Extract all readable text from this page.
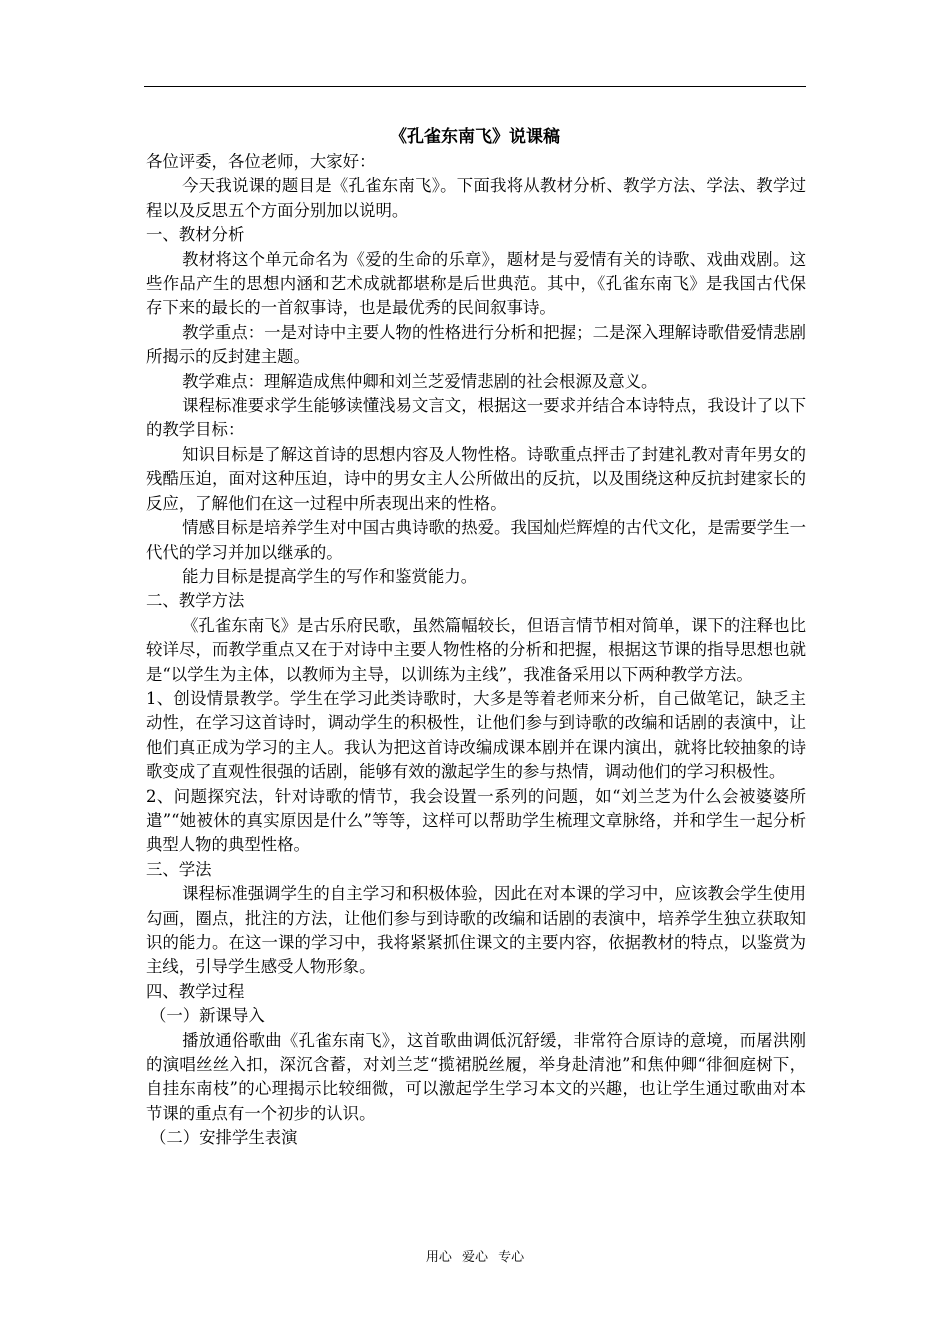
《孔雀东南飞》说课稿

各位评委，各位老师，大家好：

今天我说课的题目是《孔雀东南飞》。下面我将从教材分析、教学方法、学法、教学过程以及反思五个方面分别加以说明。

一、教材分析

教材将这个单元命名为《爱的生命的乐章》，题材是与爱情有关的诗歌、戏曲戏剧。这些作品产生的思想内涵和艺术成就都堪称是后世典范。其中，《孔雀东南飞》是我国古代保存下来的最长的一首叙事诗，也是最优秀的民间叙事诗。

教学重点：一是对诗中主要人物的性格进行分析和把握；二是深入理解诗歌借爱情悲剧所揭示的反封建主题。

教学难点：理解造成焦仲卿和刘兰芝爱情悲剧的社会根源及意义。

课程标准要求学生能够读懂浅易文言文，根据这一要求并结合本诗特点，我设计了以下的教学目标：

知识目标是了解这首诗的思想内容及人物性格。诗歌重点抨击了封建礼教对青年男女的残酷压迫，面对这种压迫，诗中的男女主人公所做出的反抗，以及围绕这种反抗封建家长的反应，了解他们在这一过程中所表现出来的性格。

情感目标是培养学生对中国古典诗歌的热爱。我国灿烂辉煌的古代文化，是需要学生一代代的学习并加以继承的。

能力目标是提高学生的写作和鉴赏能力。

二、教学方法

《孔雀东南飞》是古乐府民歌，虽然篇幅较长，但语言情节相对简单，课下的注释也比较详尽，而教学重点又在于对诗中主要人物性格的分析和把握，根据这节课的指导思想也就是“以学生为主体，以教师为主导，以训练为主线”，我准备采用以下两种教学方法。

1、创设情景教学。学生在学习此类诗歌时，大多是等着老师来分析，自己做笔记，缺乏主动性，在学习这首诗时，调动学生的积极性，让他们参与到诗歌的改编和话剧的表演中，让他们真正成为学习的主人。我认为把这首诗改编成课本剧并在课内演出，就将比较抽象的诗歌变成了直观性很强的话剧，能够有效的激起学生的参与热情，调动他们的学习积极性。

2、问题探究法，针对诗歌的情节，我会设置一系列的问题，如“刘兰芝为什么会被婆婆所遣”“她被休的真实原因是什么”等等，这样可以帮助学生梳理文章脉络，并和学生一起分析典型人物的典型性格。

三、学法

课程标准强调学生的自主学习和积极体验，因此在对本课的学习中，应该教会学生使用勾画，圈点，批注的方法，让他们参与到诗歌的改编和话剧的表演中，培养学生独立获取知识的能力。在这一课的学习中，我将紧紧抓住课文的主要内容，依据教材的特点，以鉴赏为主线，引导学生感受人物形象。

四、教学过程

（一）新课导入

播放通俗歌曲《孔雀东南飞》，这首歌曲调低沉舒缓，非常符合原诗的意境，而屠洪刚的演唱丝丝入扣，深沉含蓄，对刘兰芝“揽裙脱丝履，举身赴清池”和焦仲卿“徘徊庭树下，自挂东南枝”的心理揭示比较细微，可以激起学生学习本文的兴趣，也让学生通过歌曲对本节课的重点有一个初步的认识。

（二）安排学生表演

用心 爱心 专心
